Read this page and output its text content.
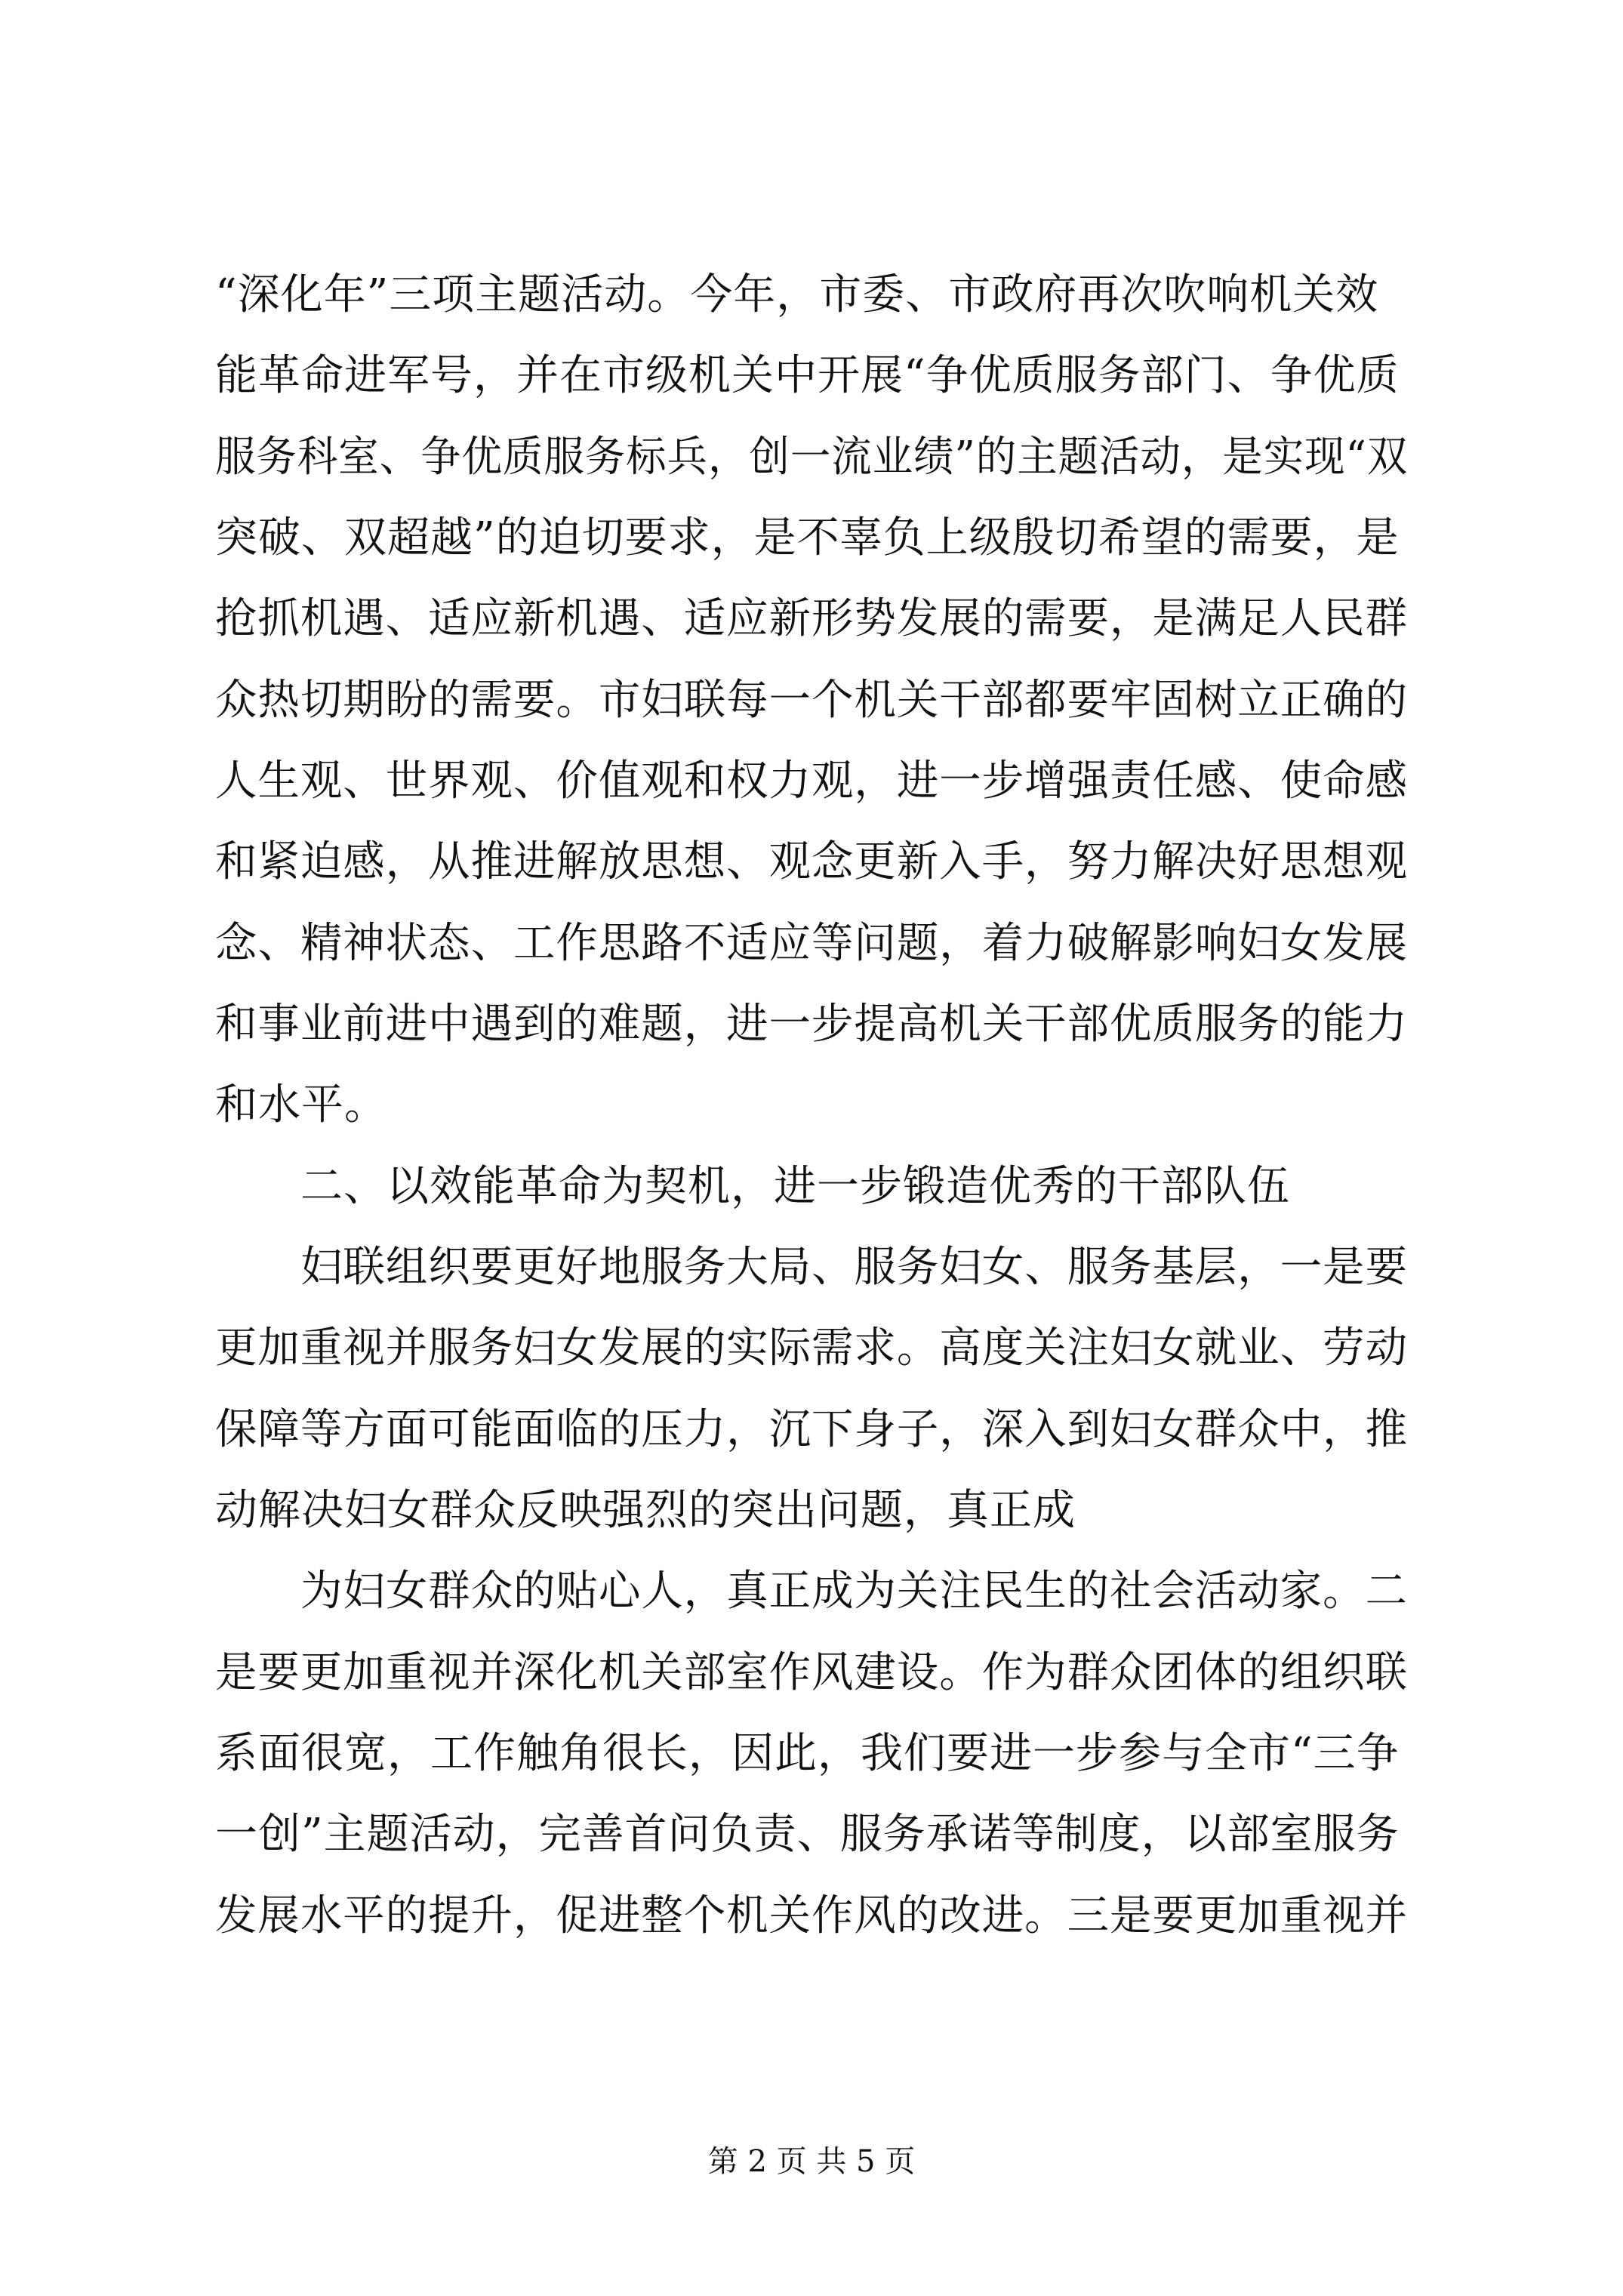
“深化年”三项主题活动。今年，市委、市政府再次吹响机关效
能革命进军号，并在市级机关中开展“争优质服务部门、争优质
服务科室、争优质服务标兵，创一流业绩”的主题活动，是实现“双
突破、双超越”的迫切要求，是不辜负上级殷切希望的需要，是
抢抓机遇、适应新机遇、适应新形势发展的需要，是满足人民群
众热切期盼的需要。市妇联每一个机关干部都要牢固树立正确的
人生观、世界观、价值观和权力观，进一步增强责任感、使命感
和紧迫感，从推进解放思想、观念更新入手，努力解决好思想观
念、精神状态、工作思路不适应等问题，着力破解影响妇女发展
和事业前进中遇到的难题，进一步提高机关干部优质服务的能力
和水平。
二、以效能革命为契机，进一步锻造优秀的干部队伍
妇联组织要更好地服务大局、服务妇女、服务基层，一是要
更加重视并服务妇女发展的实际需求。高度关注妇女就业、劳动
保障等方面可能面临的压力，沉下身子，深入到妇女群众中，推
动解决妇女群众反映强烈的突出问题，真正成
为妇女群众的贴心人，真正成为关注民生的社会活动家。二
是要更加重视并深化机关部室作风建设。作为群众团体的组织联
系面很宽，工作触角很长，因此，我们要进一步参与全市“三争
一创”主题活动，完善首问负责、服务承诺等制度，以部室服务
发展水平的提升，促进整个机关作风的改进。三是要更加重视并
第 2 页 共 5 页
